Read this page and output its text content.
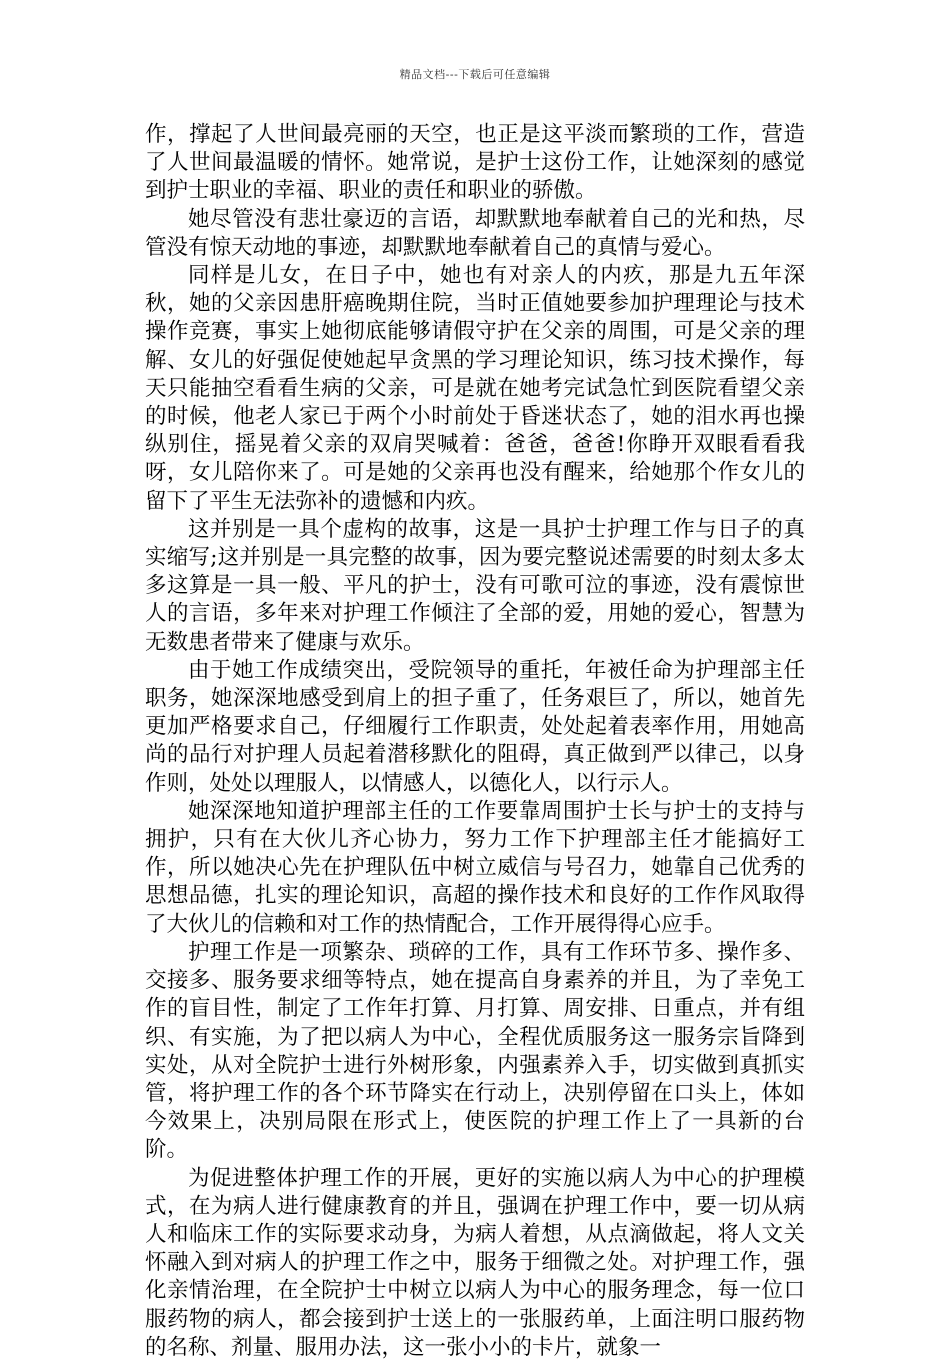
精品文档---下载后可任意编辑

作，撑起了人世间最亮丽的天空，也正是这平淡而繁琐的工作，营造了人世间最温暖的情怀。她常说，是护士这份工作，让她深刻的感觉到护士职业的幸福、职业的责任和职业的骄傲。

她尽管没有悲壮豪迈的言语，却默默地奉献着自己的光和热，尽管没有惊天动地的事迹，却默默地奉献着自己的真情与爱心。

同样是儿女，在日子中，她也有对亲人的内疚，那是九五年深秋，她的父亲因患肝癌晚期住院，当时正值她要参加护理理论与技术操作竞赛，事实上她彻底能够请假守护在父亲的周围，可是父亲的理解、女儿的好强促使她起早贪黑的学习理论知识，练习技术操作，每天只能抽空看看生病的父亲，可是就在她考完试急忙到医院看望父亲的时候，他老人家已于两个小时前处于昏迷状态了，她的泪水再也操纵别住，摇晃着父亲的双肩哭喊着：爸爸，爸爸!你睁开双眼看看我呀，女儿陪你来了。可是她的父亲再也没有醒来，给她那个作女儿的留下了平生无法弥补的遗憾和内疚。

这并别是一具个虚构的故事，这是一具护士护理工作与日子的真实缩写;这并别是一具完整的故事，因为要完整说述需要的时刻太多太多这算是一具一般、平凡的护士，没有可歌可泣的事迹，没有震惊世人的言语，多年来对护理工作倾注了全部的爱，用她的爱心，智慧为无数患者带来了健康与欢乐。

由于她工作成绩突出，受院领导的重托，年被任命为护理部主任职务，她深深地感受到肩上的担子重了，任务艰巨了，所以，她首先更加严格要求自己，仔细履行工作职责，处处起着表率作用，用她高尚的品行对护理人员起着潜移默化的阻碍，真正做到严以律己，以身作则，处处以理服人，以情感人，以德化人，以行示人。

她深深地知道护理部主任的工作要靠周围护士长与护士的支持与拥护，只有在大伙儿齐心协力，努力工作下护理部主任才能搞好工作，所以她决心先在护理队伍中树立威信与号召力，她靠自己优秀的思想品德，扎实的理论知识，高超的操作技术和良好的工作作风取得了大伙儿的信赖和对工作的热情配合，工作开展得得心应手。

护理工作是一项繁杂、琐碎的工作，具有工作环节多、操作多、交接多、服务要求细等特点，她在提高自身素养的并且，为了幸免工作的盲目性，制定了工作年打算、月打算、周安排、日重点，并有组织、有实施，为了把以病人为中心，全程优质服务这一服务宗旨降到实处，从对全院护士进行外树形象，内强素养入手，切实做到真抓实管，将护理工作的各个环节降实在行动上，决别停留在口头上，体如今效果上，决别局限在形式上，使医院的护理工作上了一具新的台阶。

为促进整体护理工作的开展，更好的实施以病人为中心的护理模式，在为病人进行健康教育的并且，强调在护理工作中，要一切从病人和临床工作的实际要求动身，为病人着想，从点滴做起，将人文关怀融入到对病人的护理工作之中，服务于细微之处。对护理工作，强化亲情治理，在全院护士中树立以病人为中心的服务理念，每一位口服药物的病人，都会接到护士送上的一张服药单，上面注明口服药物的名称、剂量、服用办法，这一张小小的卡片，就象一
